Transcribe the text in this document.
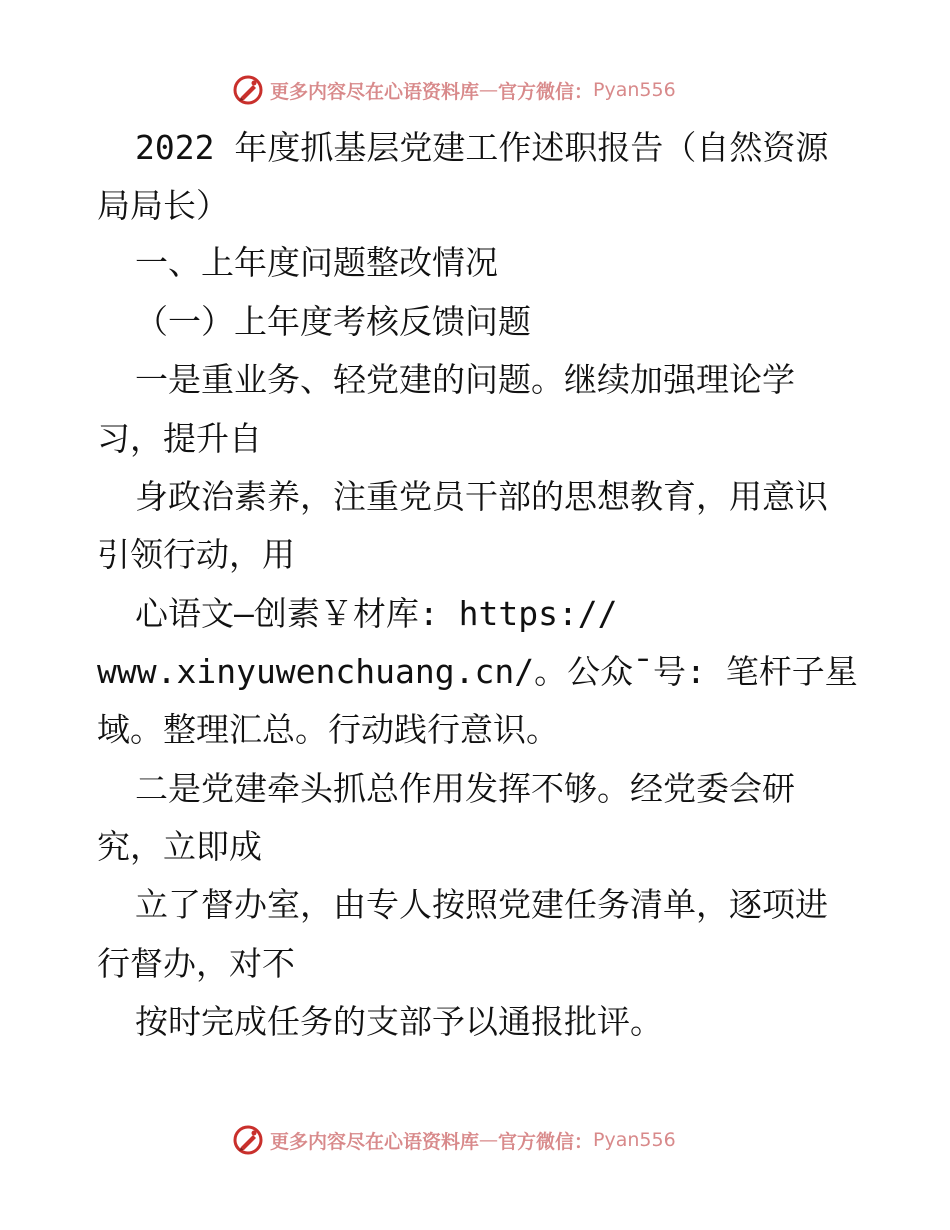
更多内容尽在心语资料库 — 官方微信： Pyan556
2022 年度抓基层党建工作述职报告（自然资源
局局长）
一、上年度问题整改情况
（一）上年度考核反馈问题
一是重业务、轻党建的问题。继续加强理论学
习，提升自
身政治素养，注重党员干部的思想教育，用意识
引领行动，用
心语文—创素￥材库: https://
www.xinyuwenchuang.cn/。公众¯号: 笔杆子星
域。整理汇总。行动践行意识。
二是党建牵头抓总作用发挥不够。经党委会研
究，立即成
立了督办室，由专人按照党建任务清单，逐项进
行督办，对不
按时完成任务的支部予以通报批评。
更多内容尽在心语资料库 — 官方微信： Pyan556
